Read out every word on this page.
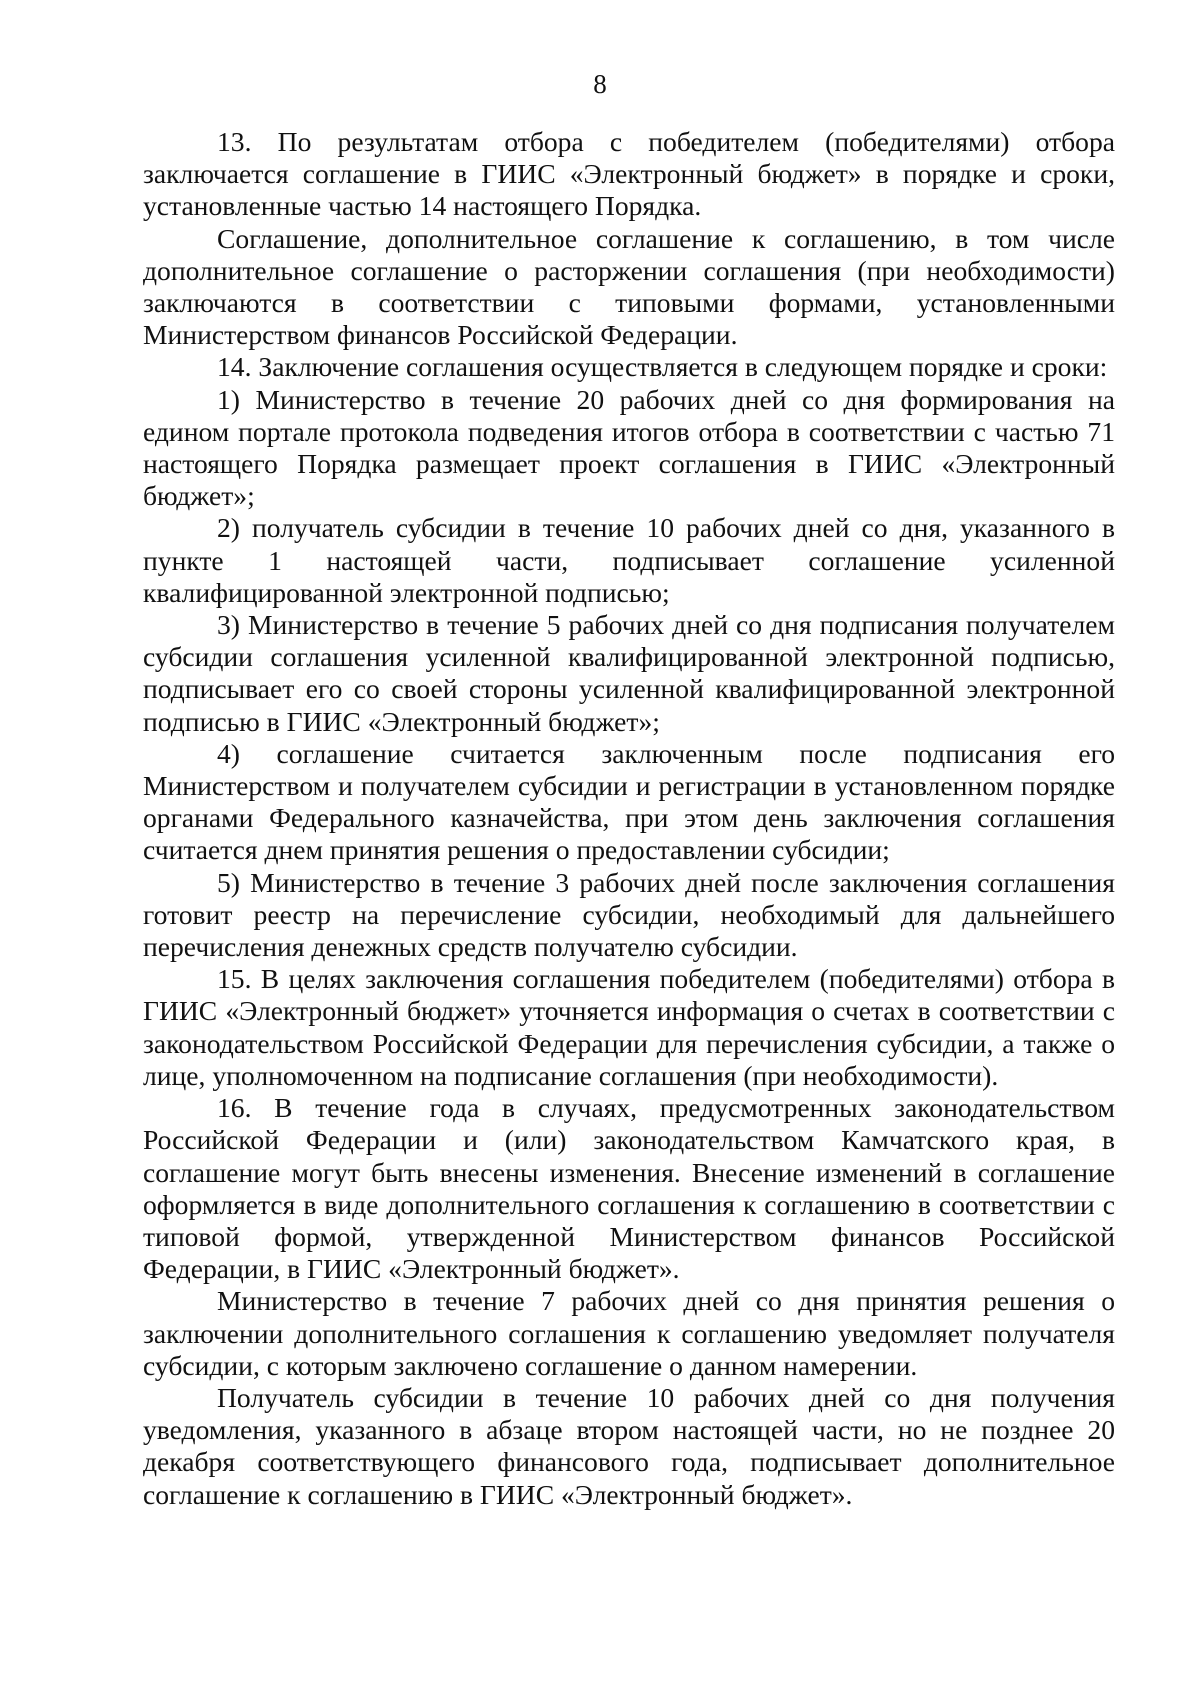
8

13. По результатам отбора с победителем (победителями) отбора заключается соглашение в ГИИС «Электронный бюджет» в порядке и сроки, установленные частью 14 настоящего Порядка.

Соглашение, дополнительное соглашение к соглашению, в том числе дополнительное соглашение о расторжении соглашения (при необходимости) заключаются в соответствии с типовыми формами, установленными Министерством финансов Российской Федерации.

14. Заключение соглашения осуществляется в следующем порядке и сроки:

1) Министерство в течение 20 рабочих дней со дня формирования на едином портале протокола подведения итогов отбора в соответствии с частью 71 настоящего Порядка размещает проект соглашения в ГИИС «Электронный бюджет»;

2) получатель субсидии в течение 10 рабочих дней со дня, указанного в пункте 1 настоящей части, подписывает соглашение усиленной квалифицированной электронной подписью;

3) Министерство в течение 5 рабочих дней со дня подписания получателем субсидии соглашения усиленной квалифицированной электронной подписью, подписывает его со своей стороны усиленной квалифицированной электронной подписью в ГИИС «Электронный бюджет»;

4) соглашение считается заключенным после подписания его Министерством и получателем субсидии и регистрации в установленном порядке органами Федерального казначейства, при этом день заключения соглашения считается днем принятия решения о предоставлении субсидии;

5) Министерство в течение 3 рабочих дней после заключения соглашения готовит реестр на перечисление субсидии, необходимый для дальнейшего перечисления денежных средств получателю субсидии.

15. В целях заключения соглашения победителем (победителями) отбора в ГИИС «Электронный бюджет» уточняется информация о счетах в соответствии с законодательством Российской Федерации для перечисления субсидии, а также о лице, уполномоченном на подписание соглашения (при необходимости).

16. В течение года в случаях, предусмотренных законодательством Российской Федерации и (или) законодательством Камчатского края, в соглашение могут быть внесены изменения. Внесение изменений в соглашение оформляется в виде дополнительного соглашения к соглашению в соответствии с типовой формой, утвержденной Министерством финансов Российской Федерации, в ГИИС «Электронный бюджет».

Министерство в течение 7 рабочих дней со дня принятия решения о заключении дополнительного соглашения к соглашению уведомляет получателя субсидии, с которым заключено соглашение о данном намерении.

Получатель субсидии в течение 10 рабочих дней со дня получения уведомления, указанного в абзаце втором настоящей части, но не позднее 20 декабря соответствующего финансового года, подписывает дополнительное соглашение к соглашению в ГИИС «Электронный бюджет».
